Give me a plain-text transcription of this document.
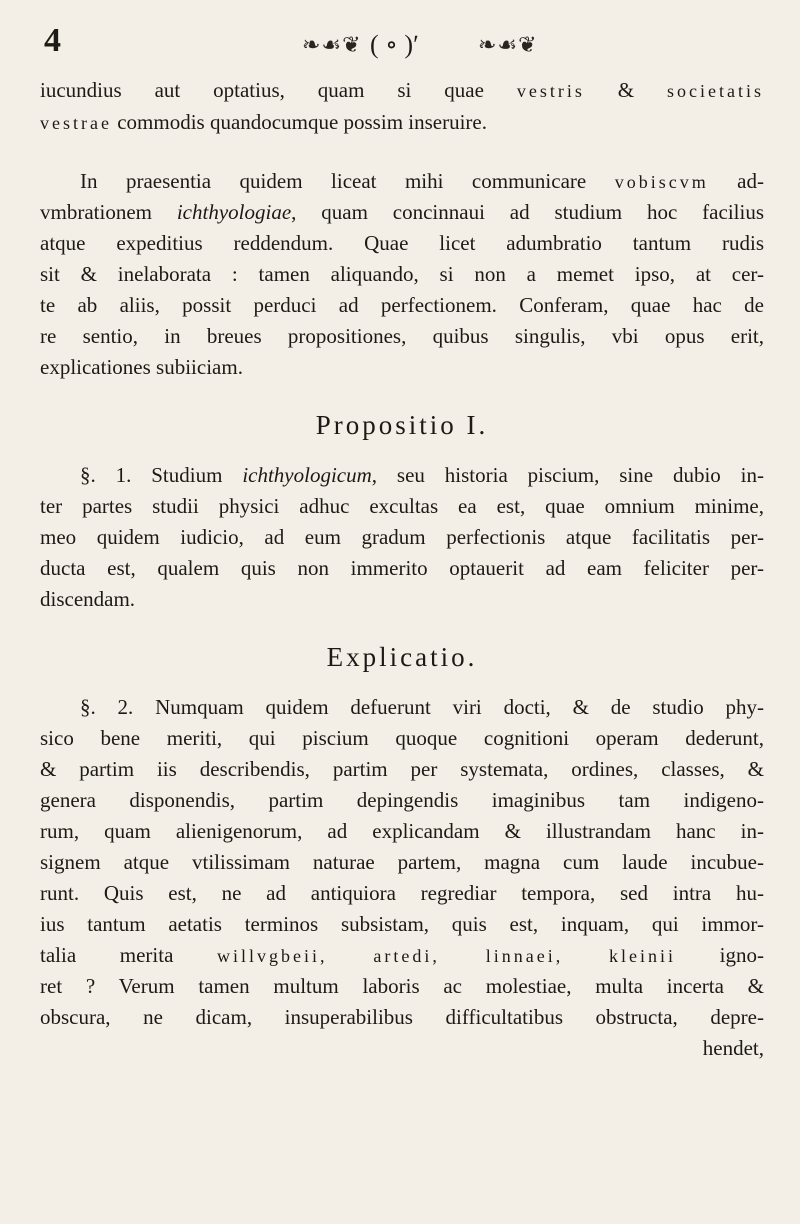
4	❧☙❦ ( ∘ )ʹ	❧☙❦
iucundius aut optatius, quam si quae vestris & societatis
vestrae commodis quandocumque possim inseruire.
In praesentia quidem liceat mihi communicare vobiscvm ad-
vmbrationem ichthyologiae, quam concinnaui ad studium hoc facilius
atque expeditius reddendum. Quae licet adumbratio tantum rudis
sit & inelaborata : tamen aliquando, si non a memet ipso, at cer-
te ab aliis, possit perduci ad perfectionem. Conferam, quae hac de
re sentio, in breues propositiones, quibus singulis, vbi opus erit,
explicationes subiiciam.
Propositio I.
§. 1. Studium ichthyologicum, seu historia piscium, sine dubio in-
ter partes studii physici adhuc excultas ea est, quae omnium minime,
meo quidem iudicio, ad eum gradum perfectionis atque facilitatis per-
ducta est, qualem quis non immerito optauerit ad eam feliciter per-
discendam.
Explicatio.
§. 2. Numquam quidem defuerunt viri docti, & de studio phy-
sico bene meriti, qui piscium quoque cognitioni operam dederunt,
& partim iis describendis, partim per systemata, ordines, classes, &
genera disponendis, partim depingendis imaginibus tam indigeno-
rum, quam alienigenorum, ad explicandam & illustrandam hanc in-
signem atque vtilissimam naturae partem, magna cum laude incubue-
runt. Quis est, ne ad antiquiora regrediar tempora, sed intra hu-
ius tantum aetatis terminos subsistam, quis est, inquam, qui immor-
talia merita willvgbeii, artedi, linnaei, kleinii igno-
ret ? Verum tamen multum laboris ac molestiae, multa incerta &
obscura, ne dicam, insuperabilibus difficultatibus obstructa, depre-
hendet,
